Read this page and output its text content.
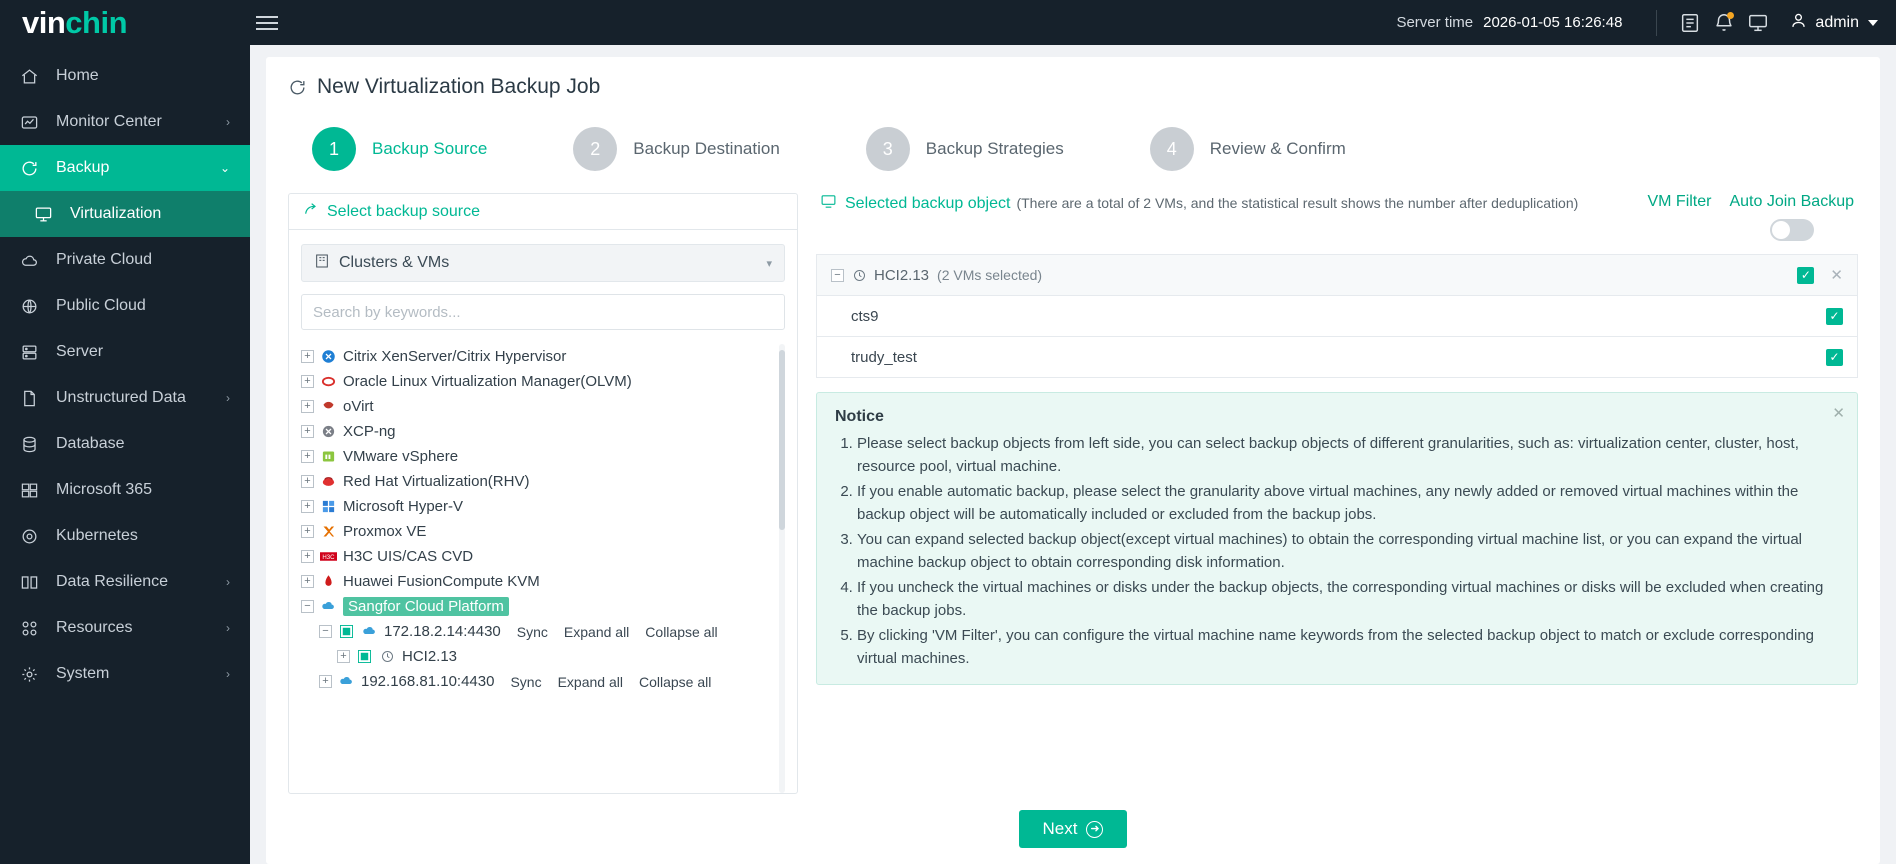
vin chin	Server time 2026-01-05 16:26:48	admin
Home
Monitor Center	›
Backup	⌄
Virtualization
Private Cloud
Public Cloud
Server
Unstructured Data	›
Database
Microsoft 365
Kubernetes
Data Resilience	›
Resources	›
System	›
New Virtualization Backup Job
1	Backup Source	2	Backup Destination	3	Backup Strategies	4	Review & Confirm
Select backup source
Clusters & VMs	▾
Search by keywords...
+ Citrix XenServer/Citrix Hypervisor
+ Oracle Linux Virtualization Manager(OLVM)
+ oVirt
+ XCP-ng
+ VMware vSphere
+ Red Hat Virtualization(RHV)
+ Microsoft Hyper-V
+ Proxmox VE
+	H3C H3C UIS/CAS CVD
+ Huawei FusionCompute KVM
−	Sangfor Cloud Platform
−	172.18.2.14:4430 Sync Expand all Collapse all
+	HCI2.13
+ 192.168.81.10:4430 Sync Expand all Collapse all
Selected backup object (There are a total of 2 VMs, and the statistical result shows the number after deduplication)	VM Filter Auto Join Backup
− HCI2.13 (2 VMs selected)	✓ ✕
cts9	✓
trudy_test	✓
✕
Notice
1. Please select backup objects from left side, you can select backup objects of different granularities, such as: virtualization center, cluster, host, resource pool, virtual machine.
2. If you enable automatic backup, please select the granularity above virtual machines, any newly added or removed virtual machines within the backup object will be automatically included or excluded from the backup jobs.
3. You can expand selected backup object(except virtual machines) to obtain the corresponding virtual machine list, or you can expand the virtual machine backup object to obtain corresponding disk information.
4. If you uncheck the virtual machines or disks under the backup objects, the corresponding virtual machines or disks will be excluded when creating the backup jobs.
5. By clicking 'VM Filter', you can configure the virtual machine name keywords from the selected backup object to match or exclude corresponding virtual machines.
Next	➜
